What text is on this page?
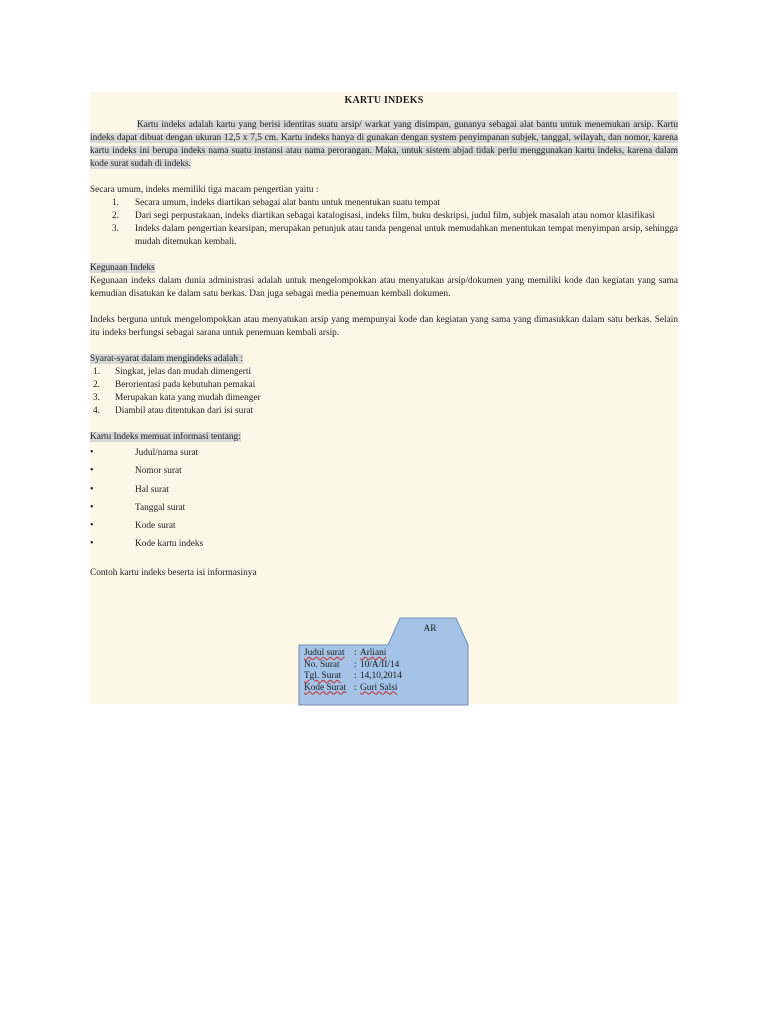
KARTU INDEKS

Kartu indeks adalah kartu yang berisi identitas suatu arsip/ warkat yang disimpan, gunanya sebagai alat bantu untuk menemukan arsip. Kartu indeks dapat dibuat dengan ukuran 12,5 x 7,5 cm. Kartu indeks hanya di gunakan dengan system penyimpanan subjek, tanggal, wilayah, dan nomor, karena kartu indeks ini berupa indeks nama suatu instansi atau nama perorangan. Maka, untuk sistem abjad tidak perlu menggunakan kartu indeks, karena dalam kode surat sudah di indeks.

Secara umum, indeks memiliki tiga macam pengertian yaitu :

1. Secara umum, indeks diartikan sebagai alat bantu untuk menentukan suatu tempat
2. Dari segi perpustakaan, indeks diartikan sebagai katalogisasi, indeks film, buku deskripsi, judul film, subjek masalah atau nomor klasifikasi
3. Indeks dalam pengertian kearsipan, merupakan petunjuk atau tanda pengenal untuk memudahkan menentukan tempat menyimpan arsip, sehingga mudah ditemukan kembali.

Kegunaan Indeks

Kegunaan indeks dalam dunia administrasi adalah untuk mengelompokkan atau menyatukan arsip/dokumen yang memiliki kode dan kegiatan yang sama kemudian disatukan ke dalam satu berkas. Dan juga sebagai media penemuan kembali dokumen.

Indeks berguna untuk mengelompokkan atau menyatukan arsip yang mempunyai kode dan kegiatan yang sama yang dimasukkan dalam satu berkas. Selain itu indeks berfungsi sebagai sarana untuk penemuan kembali arsip.

Syarat-syarat dalam mengindeks adalah :

1. Singkat, jelas dan mudah dimengerti
2. Berorientasi pada kebutuhan pemakai
3. Merupakan kata yang mudah dimenger
4. Diambil atau ditentukan dari isi surat

Kartu Indeks memuat informasi tentang:

•	Judul/nama surat
•	Nomor surat
•	Hal surat
•	Tanggal surat
•	Kode surat
•	Kode kartu indeks

Contoh kartu indeks beserta isi informasinya

AR
Judul surat : Arliani
No. Surat : 10/A/II/14
Tgl. Surat : 14,10,2014
Kode Surat : Guri Salsi
